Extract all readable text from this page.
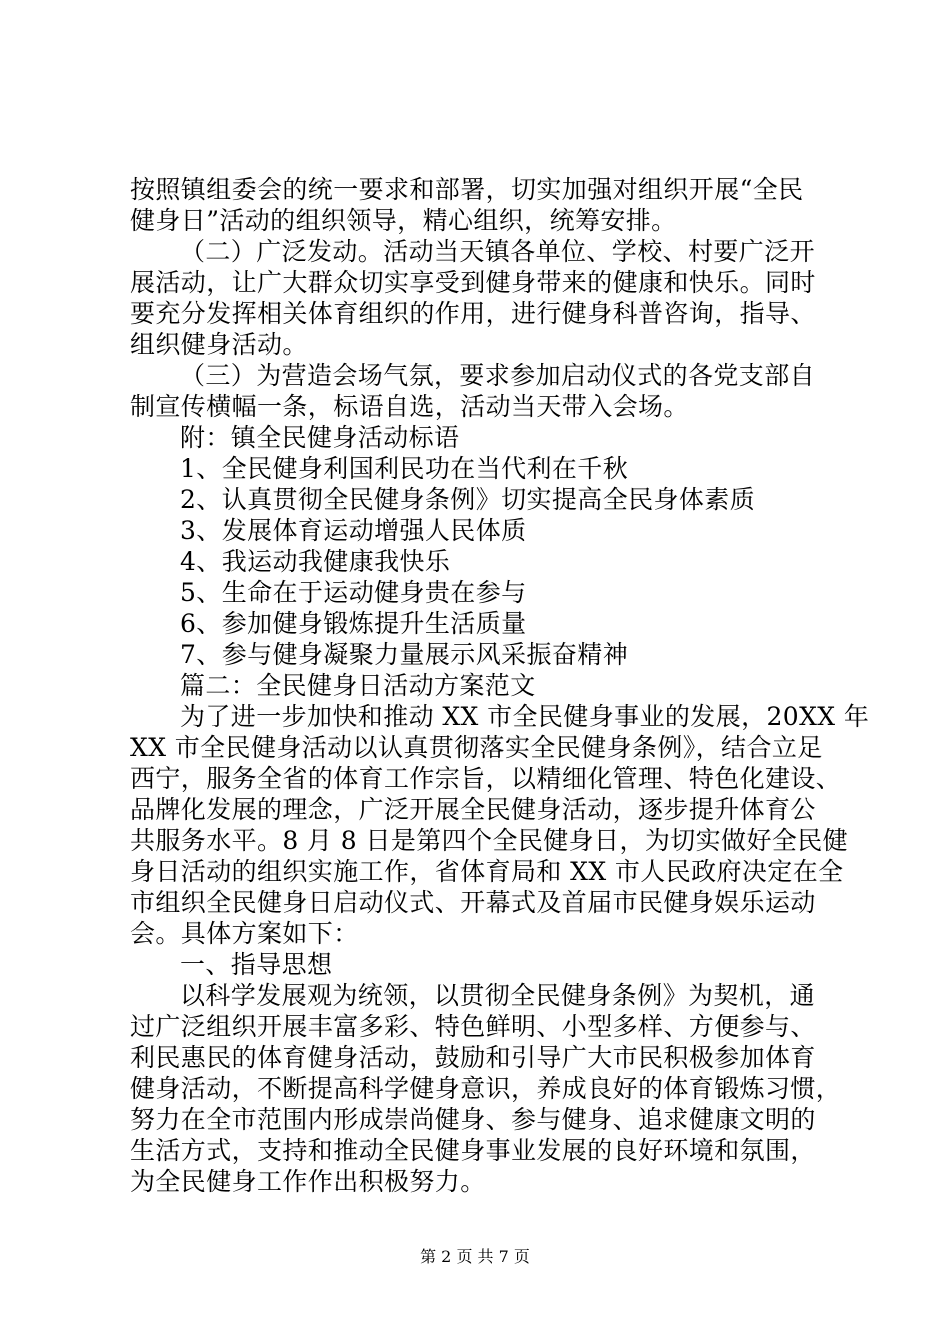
按照镇组委会的统一要求和部署，切实加强对组织开展“全民
健身日”活动的组织领导，精心组织，统筹安排。
（二）广泛发动。活动当天镇各单位、学校、村要广泛开
展活动，让广大群众切实享受到健身带来的健康和快乐。同时
要充分发挥相关体育组织的作用，进行健身科普咨询，指导、
组织健身活动。
（三）为营造会场气氛，要求参加启动仪式的各党支部自
制宣传横幅一条，标语自选，活动当天带入会场。
附：镇全民健身活动标语
1、全民健身利国利民功在当代利在千秋
2、认真贯彻全民健身条例》切实提高全民身体素质
3、发展体育运动增强人民体质
4、我运动我健康我快乐
5、生命在于运动健身贵在参与
6、参加健身锻炼提升生活质量
7、参与健身凝聚力量展示风采振奋精神
篇二：全民健身日活动方案范文
为了进一步加快和推动 XX 市全民健身事业的发展，20XX 年
XX 市全民健身活动以认真贯彻落实全民健身条例》，结合立足
西宁，服务全省的体育工作宗旨，以精细化管理、特色化建设、
品牌化发展的理念，广泛开展全民健身活动，逐步提升体育公
共服务水平。8 月 8 日是第四个全民健身日，为切实做好全民健
身日活动的组织实施工作，省体育局和 XX 市人民政府决定在全
市组织全民健身日启动仪式、开幕式及首届市民健身娱乐运动
会。具体方案如下：
一、指导思想
以科学发展观为统领，以贯彻全民健身条例》为契机，通
过广泛组织开展丰富多彩、特色鲜明、小型多样、方便参与、
利民惠民的体育健身活动，鼓励和引导广大市民积极参加体育
健身活动，不断提高科学健身意识，养成良好的体育锻炼习惯，
努力在全市范围内形成崇尚健身、参与健身、追求健康文明的
生活方式，支持和推动全民健身事业发展的良好环境和氛围，
为全民健身工作作出积极努力。
第 2 页 共 7 页
